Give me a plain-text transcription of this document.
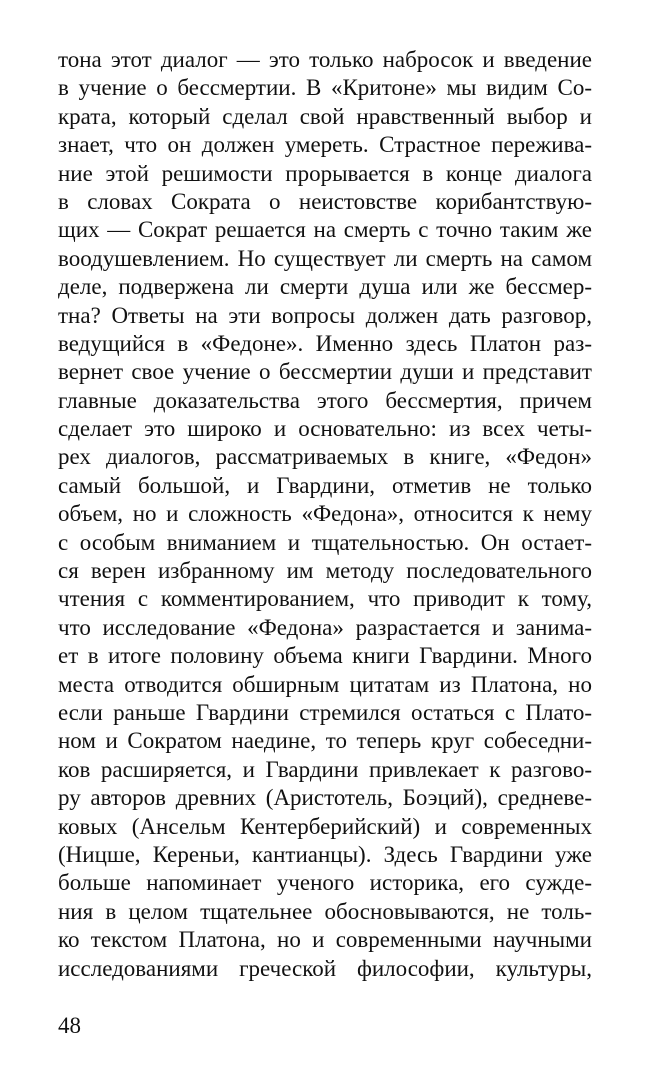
тона этот диалог — это только набросок и введение
в учение о бессмертии. В «Критоне» мы видим Со-
крата, который сделал свой нравственный выбор и
знает, что он должен умереть. Страстное пережива-
ние этой решимости прорывается в конце диалога
в словах Сократа о неистовстве корибантствую-
щих — Сократ решается на смерть с точно таким же
воодушевлением. Но существует ли смерть на самом
деле, подвержена ли смерти душа или же бессмер-
тна? Ответы на эти вопросы должен дать разговор,
ведущийся в «Федоне». Именно здесь Платон раз-
вернет свое учение о бессмертии души и представит
главные доказательства этого бессмертия, причем
сделает это широко и основательно: из всех четы-
рех диалогов, рассматриваемых в книге, «Федон»
самый большой, и Гвардини, отметив не только
объем, но и сложность «Федона», относится к нему
с особым вниманием и тщательностью. Он остает-
ся верен избранному им методу последовательного
чтения с комментированием, что приводит к тому,
что исследование «Федона» разрастается и занима-
ет в итоге половину объема книги Гвардини. Много
места отводится обширным цитатам из Платона, но
если раньше Гвардини стремился остаться с Плато-
ном и Сократом наедине, то теперь круг собеседни-
ков расширяется, и Гвардини привлекает к разгово-
ру авторов древних (Аристотель, Боэций), средневе-
ковых (Ансельм Кентерберийский) и современных
(Ницше, Кереньи, кантианцы). Здесь Гвардини уже
больше напоминает ученого историка, его сужде-
ния в целом тщательнее обосновываются, не толь-
ко текстом Платона, но и современными научными
исследованиями греческой философии, культуры,
48
